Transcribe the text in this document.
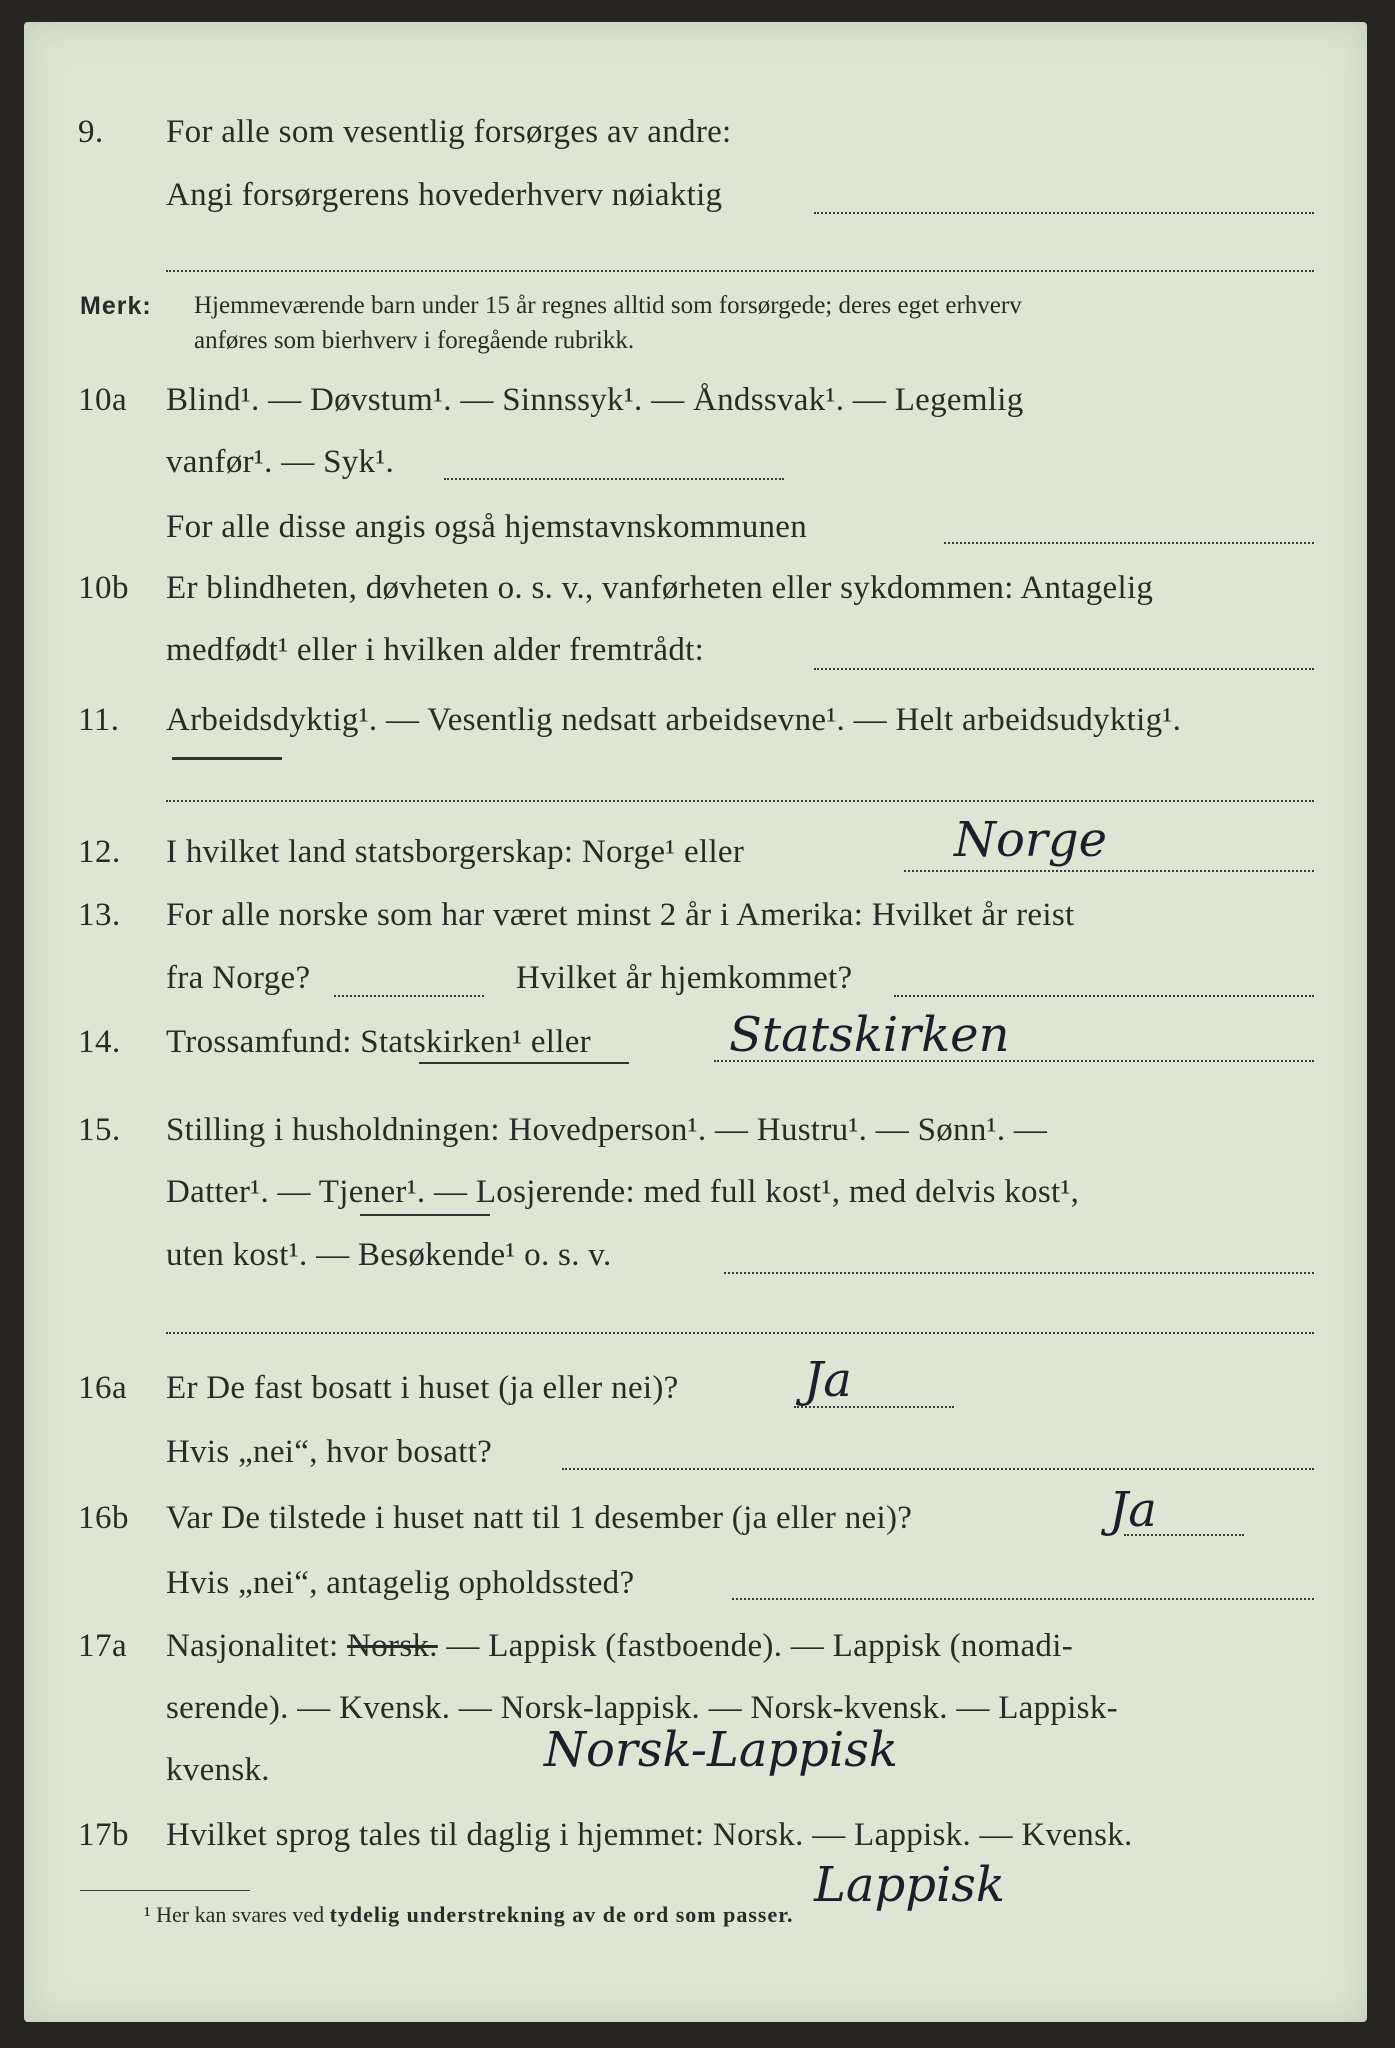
9.	For alle som vesentlig forsørges av andre:
Angi forsørgerens hovederhverv nøiaktig
Merk: Hjemmeværende barn under 15 år regnes alltid som forsørgede; deres eget erhverv
anføres som bierhverv i foregående rubrikk.
10a	Blind¹. — Døvstum¹. — Sinnssyk¹. — Åndssvak¹. — Legemlig
vanfør¹. — Syk¹.
For alle disse angis også hjemstavnskommunen
10b	Er blindheten, døvheten o. s. v., vanførheten eller sykdommen: Antagelig
medfødt¹ eller i hvilken alder fremtrådt:
11.	Arbeidsdyktig¹. — Vesentlig nedsatt arbeidsevne¹. — Helt arbeidsudyktig¹.
12.	I hvilket land statsborgerskap: Norge¹ eller	Norge
13.	For alle norske som har været minst 2 år i Amerika: Hvilket år reist
fra Norge?	Hvilket år hjemkommet?
14.	Trossamfund: Statskirken¹ eller	Statskirken
15.	Stilling i husholdningen: Hovedperson¹. — Hustru¹. — Sønn¹. —
Datter¹. — Tjener¹. — Losjerende: med full kost¹, med delvis kost¹,
uten kost¹. — Besøkende¹ o. s. v.
16a	Er De fast bosatt i huset (ja eller nei)?	Ja
Hvis „nei“, hvor bosatt?
16b	Var De tilstede i huset natt til 1 desember (ja eller nei)?	Ja
Hvis „nei“, antagelig opholdssted?
17a	Nasjonalitet: Norsk. — Lappisk (fastboende). — Lappisk (nomadi-
serende). — Kvensk. — Norsk-lappisk. — Norsk-kvensk. — Lappisk-
kvensk.	Norsk-Lappisk
17b	Hvilket sprog tales til daglig i hjemmet: Norsk. — Lappisk. — Kvensk.
Lappisk
¹ Her kan svares ved tydelig understrekning av de ord som passer.
